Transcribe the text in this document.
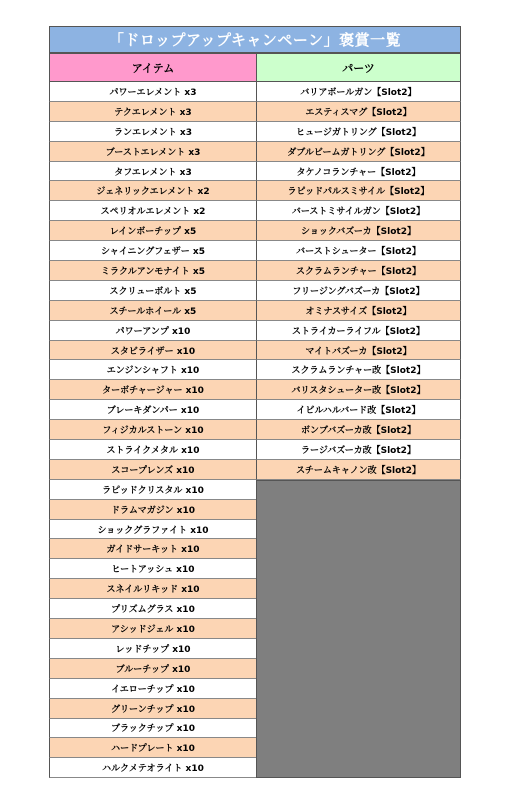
「ドロップアップキャンペーン」褒賞一覧
アイテム	パーツ
パワーエレメント x3
テクエレメント x3
ランエレメント x3
ブーストエレメント x3
タフエレメント x3
ジェネリックエレメント x2
スペリオルエレメント x2
レインボーチップ x5
シャイニングフェザー x5
ミラクルアンモナイト x5
スクリューボルト x5
スチールホイール x5
パワーアンプ x10
スタビライザー x10
エンジンシャフト x10
ターボチャージャー x10
ブレーキダンパー x10
フィジカルストーン x10
ストライクメタル x10
スコープレンズ x10
ラピッドクリスタル x10
ドラムマガジン x10
ショックグラファイト x10
ガイドサーキット x10
ヒートアッシュ x10
スネイルリキッド x10
プリズムグラス x10
アシッドジェル x10
レッドチップ x10
ブルーチップ x10
イエローチップ x10
グリーンチップ x10
ブラックチップ x10
ハードプレート x10
ハルクメテオライト x10
バリアボールガン【Slot2】
エスティスマグ【Slot2】
ヒュージガトリング【Slot2】
ダブルビームガトリング【Slot2】
タケノコランチャー【Slot2】
ラピッドパルスミサイル【Slot2】
バーストミサイルガン【Slot2】
ショックバズーカ【Slot2】
バーストシューター【Slot2】
スクラムランチャー【Slot2】
フリージングバズーカ【Slot2】
オミナスサイズ【Slot2】
ストライカーライフル【Slot2】
マイトバズーカ【Slot2】
スクラムランチャー改【Slot2】
バリスタシューター改【Slot2】
イビルハルバード改【Slot2】
ボンブバズーカ改【Slot2】
ラージバズーカ改【Slot2】
スチームキャノン改【Slot2】
